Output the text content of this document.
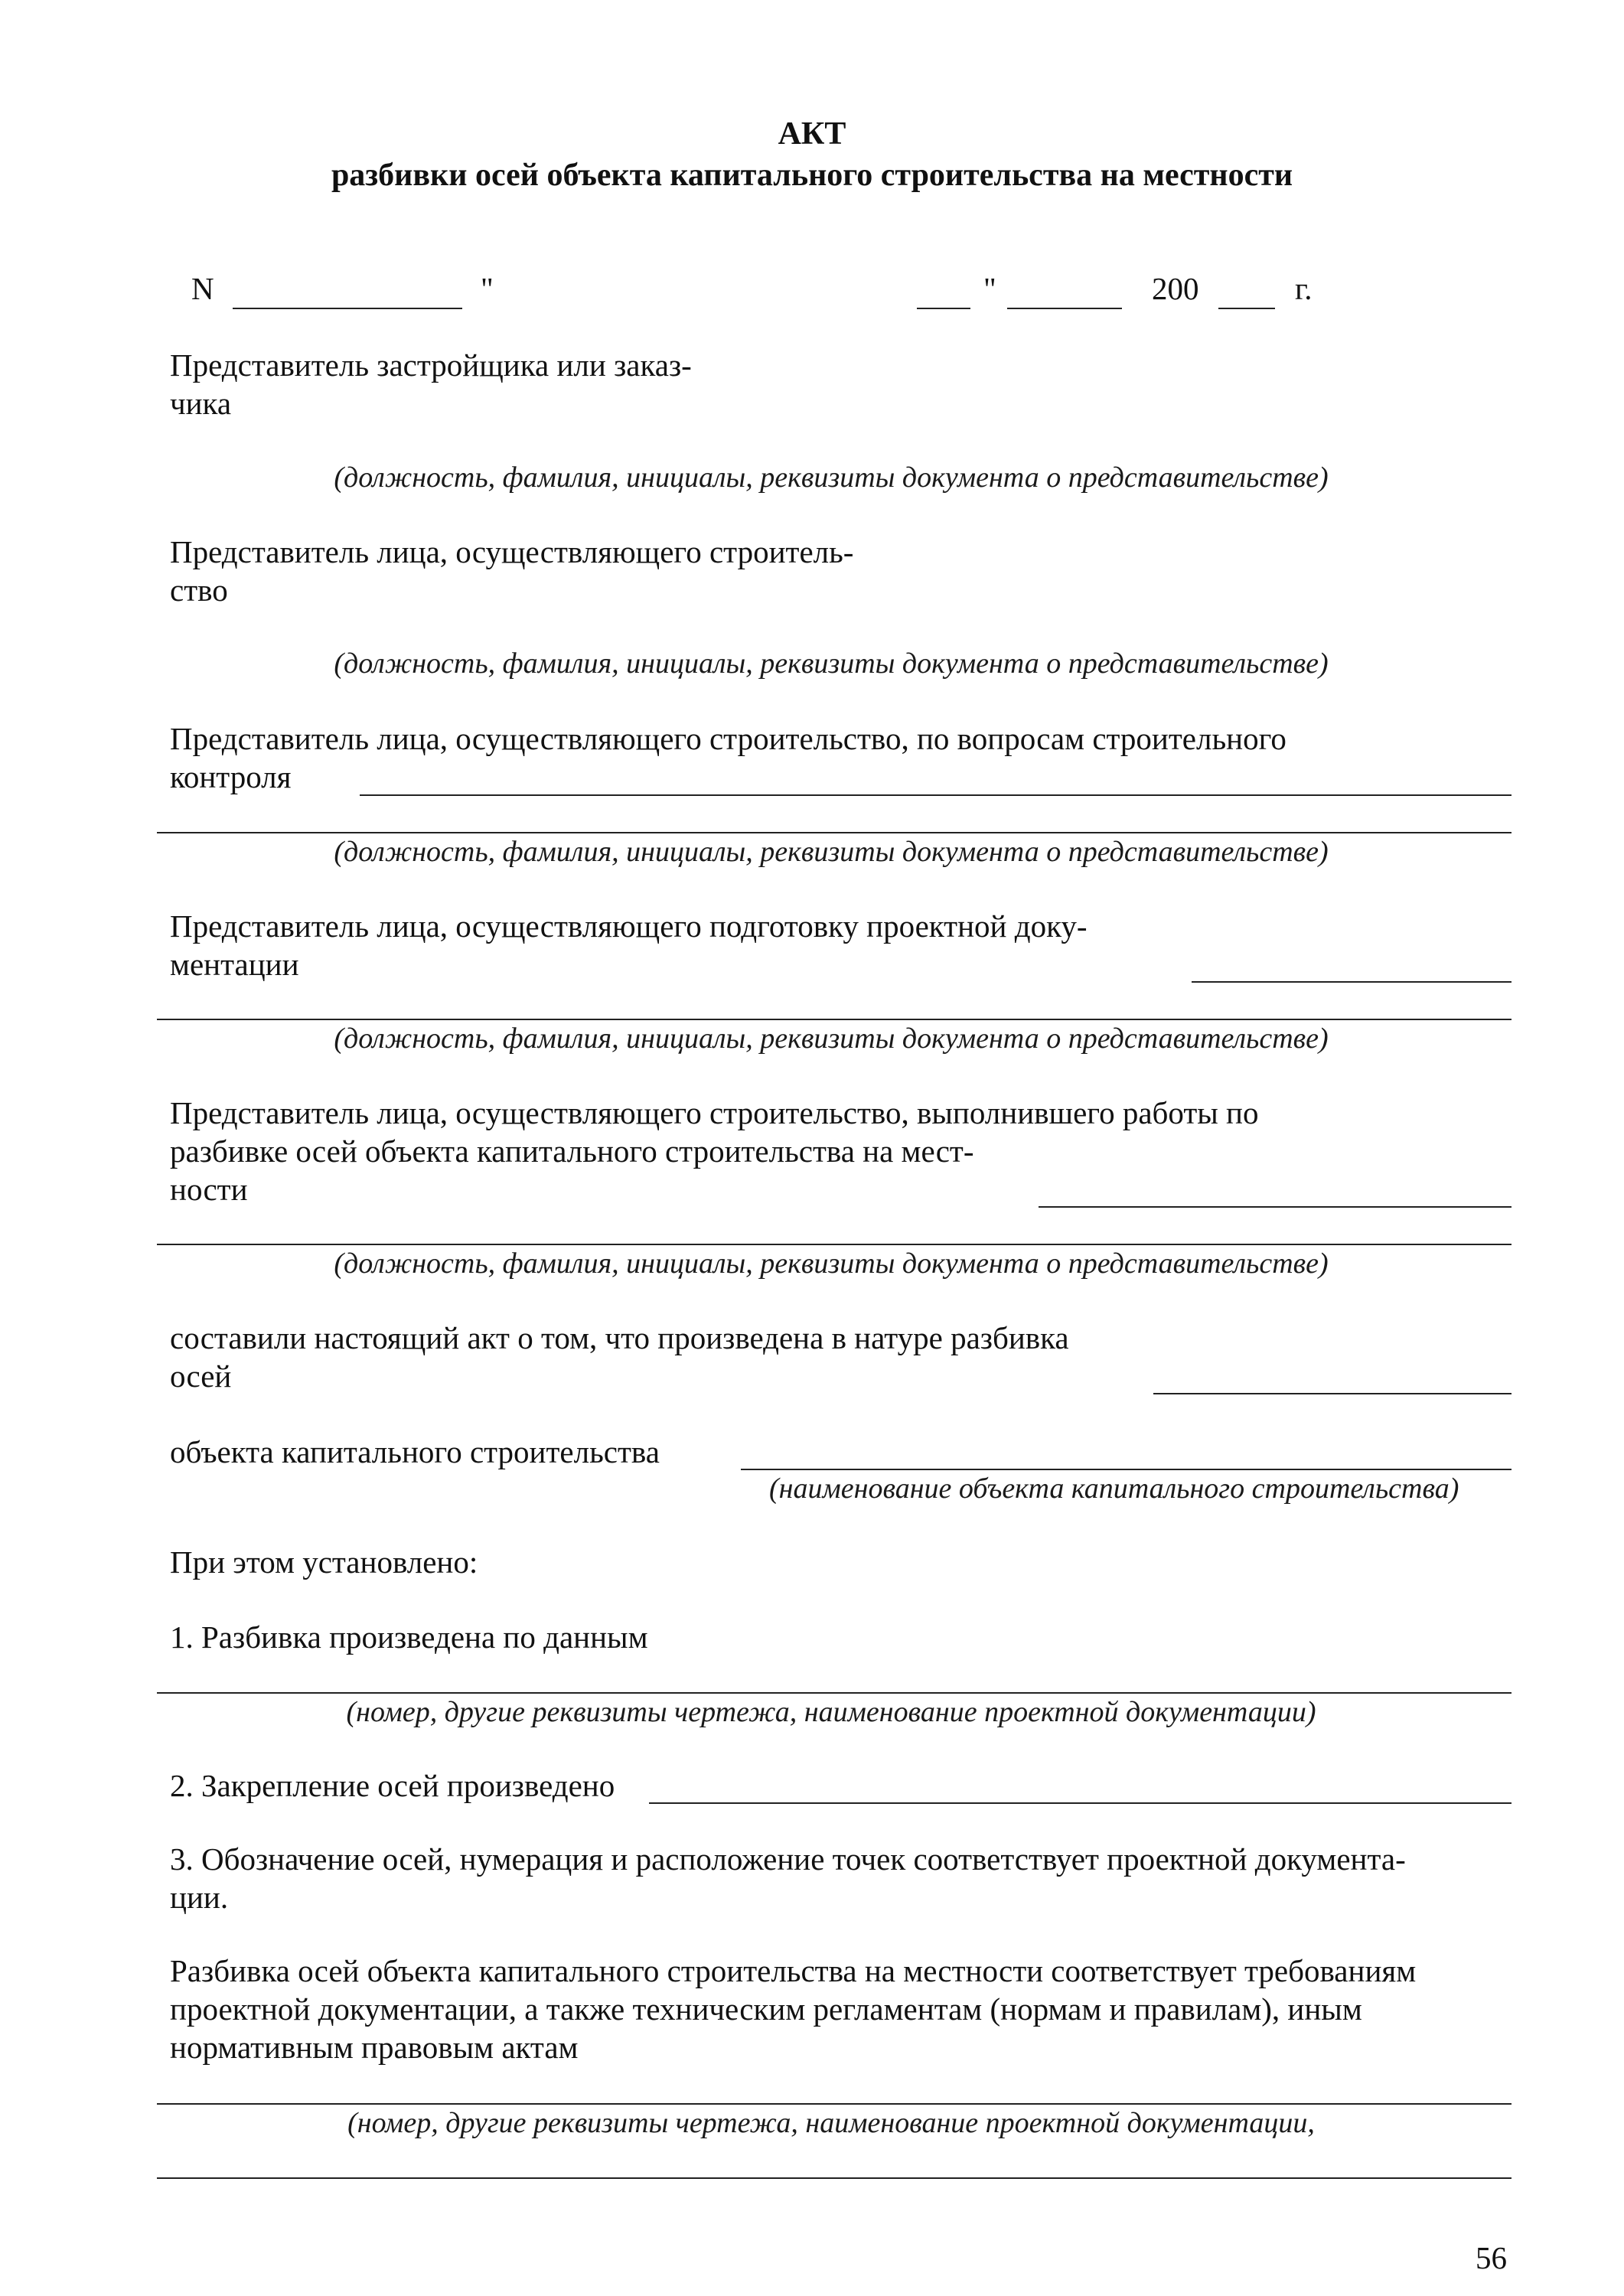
АКТ
разбивки осей объекта капитального строительства на местности
N	"	"	200	г.
Представитель застройщика или заказ-
чика
(должность, фамилия, инициалы, реквизиты документа о представительстве)
Представитель лица, осуществляющего строитель-
ство
(должность, фамилия, инициалы, реквизиты документа о представительстве)
Представитель лица, осуществляющего строительство, по вопросам строительного
контроля
(должность, фамилия, инициалы, реквизиты документа о представительстве)
Представитель лица, осуществляющего подготовку проектной доку-
ментации
(должность, фамилия, инициалы, реквизиты документа о представительстве)
Представитель лица, осуществляющего строительство, выполнившего работы по
разбивке осей объекта капитального строительства на мест-
ности
(должность, фамилия, инициалы, реквизиты документа о представительстве)
составили настоящий акт о том, что произведена в натуре разбивка
осей
объекта капитального строительства
(наименование объекта капитального строительства)
При этом установлено:
1. Разбивка произведена по данным
(номер, другие реквизиты чертежа, наименование проектной документации)
2. Закрепление осей произведено
3. Обозначение осей, нумерация и расположение точек соответствует проектной документа-
ции.
Разбивка осей объекта капитального строительства на местности соответствует требованиям
проектной документации, а также техническим регламентам (нормам и правилам), иным
нормативным правовым актам
(номер, другие реквизиты чертежа, наименование проектной документации,
56
